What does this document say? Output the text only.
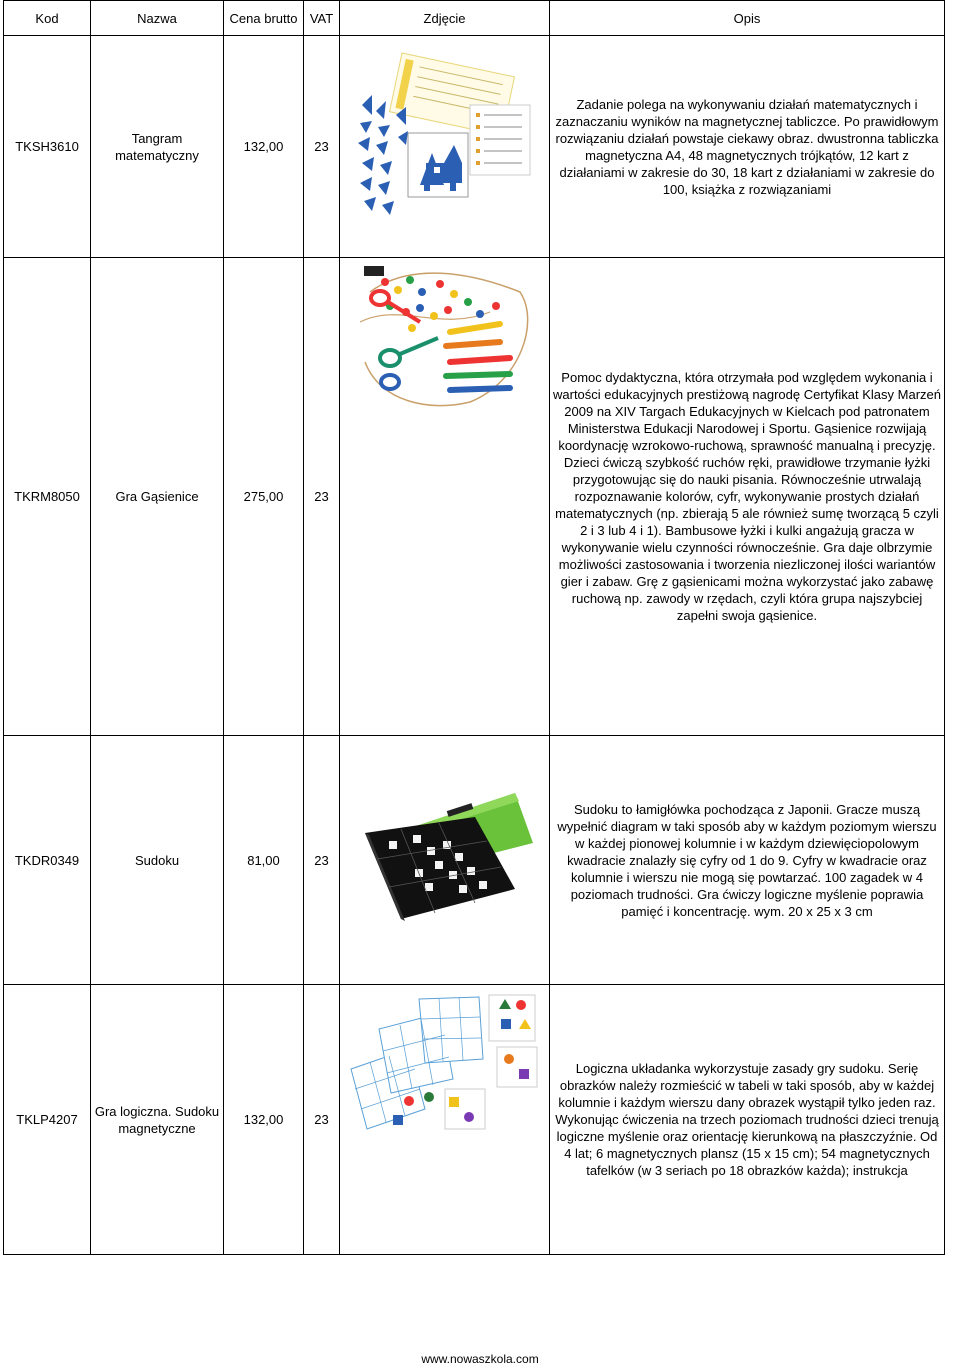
Kod	Nazwa	Cena brutto	VAT	Zdjęcie	Opis
TKSH3610	Tangram matematyczny	132,00	23		Zadanie polega na wykonywaniu działań matematycznych i zaznaczaniu wyników na magnetycznej tabliczce. Po prawidłowym rozwiązaniu działań powstaje ciekawy obraz. dwustronna tabliczka magnetyczna A4, 48 magnetycznych trójkątów, 12 kart z działaniami w zakresie do 30, 18 kart z działaniami w zakresie do 100, książka z rozwiązaniami
TKRM8050	Gra Gąsienice	275,00	23		Pomoc dydaktyczna, która otrzymała pod względem wykonania i wartości edukacyjnych prestiżową nagrodę Certyfikat Klasy Marzeń 2009 na XIV Targach Edukacyjnych w Kielcach pod patronatem Ministerstwa Edukacji Narodowej i Sportu. Gąsienice rozwijają koordynację wzrokowo-ruchową, sprawność manualną i precyzję. Dzieci ćwiczą szybkość ruchów ręki, prawidłowe trzymanie łyżki przygotowując się do nauki pisania. Równocześnie utrwalają rozpoznawanie kolorów, cyfr, wykonywanie prostych działań matematycznych (np. zbierają 5 ale również sumę tworzącą 5 czyli 2 i 3 lub 4 i 1). Bambusowe łyżki i kulki angażują gracza w wykonywanie wielu czynności równocześnie. Gra daje olbrzymie możliwości zastosowania i tworzenia niezliczonej ilości wariantów gier i zabaw. Grę z gąsienicami można wykorzystać jako zabawę ruchową np. zawody w rzędach, czyli która grupa najszybciej zapełni swoja gąsienice.
TKDR0349	Sudoku	81,00	23		Sudoku to łamigłówka pochodząca z Japonii. Gracze muszą wypełnić diagram w taki sposób aby w każdym poziomym wierszu w każdej pionowej kolumnie i w każdym dziewięciopolowym kwadracie znalazły się cyfry od 1 do 9. Cyfry w kwadracie oraz kolumnie i wierszu nie mogą się powtarzać. 100 zagadek w 4 poziomach trudności. Gra ćwiczy logiczne myślenie poprawia pamięć i koncentrację. wym. 20 x 25 x 3 cm
TKLP4207	Gra logiczna. Sudoku magnetyczne	132,00	23		Logiczna układanka wykorzystuje zasady gry sudoku. Serię obrazków należy rozmieścić w tabeli w taki sposób, aby w każdej kolumnie i każdym wierszu dany obrazek wystąpił tylko jeden raz. Wykonując ćwiczenia na trzech poziomach trudności dzieci trenują logiczne myślenie oraz orientację kierunkową na płaszczyźnie. Od 4 lat; 6 magnetycznych plansz (15 x 15 cm); 54 magnetycznych tafelków (w 3 seriach po 18 obrazków każda); instrukcja
www.nowaszkola.com
